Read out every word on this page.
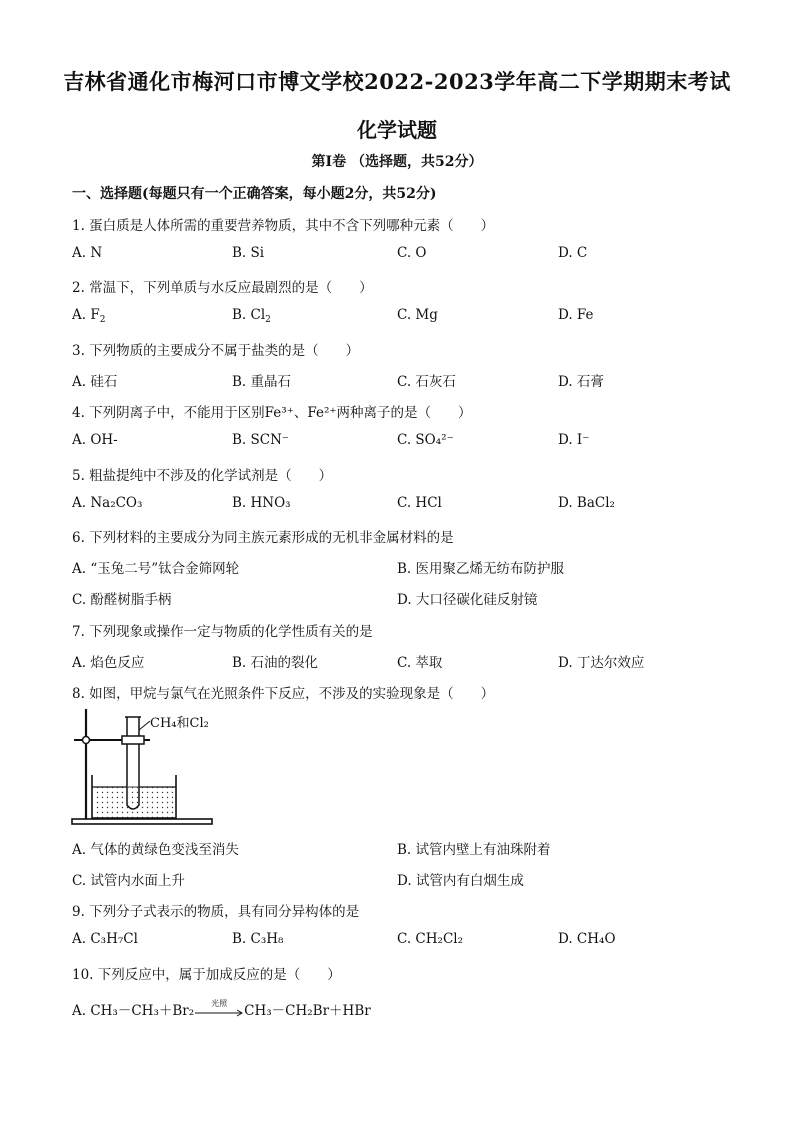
吉林省通化市梅河口市博文学校2022-2023学年高二下学期期末考试
化学试题
第Ⅰ卷 （选择题，共52分）
一、选择题(每题只有一个正确答案，每小题2分，共52分)
1. 蛋白质是人体所需的重要营养物质，其中不含下列哪种元素（　　）
A. N	B. Si	C. O	D. C
2. 常温下，下列单质与水反应最剧烈的是（　　）
A. $F_2$	B. $Cl_2$	C. Mg	D. Fe
3. 下列物质的主要成分不属于盐类的是（　　）
A. 硅石	B. 重晶石	C. 石灰石	D. 石膏
4. 下列阴离子中，不能用于区别Fe³⁺、Fe²⁺两种离子的是（　　）
A. OH-	B. SCN⁻	C. SO₄²⁻	D. I⁻
5. 粗盐提纯中不涉及的化学试剂是（　　）
A. Na₂CO₃	B. HNO₃	C. HCl	D. BaCl₂
6. 下列材料的主要成分为同主族元素形成的无机非金属材料的是
A. “玉兔二号”钛合金筛网轮	B. 医用聚乙烯无纺布防护服
C. 酚醛树脂手柄	D. 大口径碳化硅反射镜
7. 下列现象或操作一定与物质的化学性质有关的是
A. 焰色反应	B. 石油的裂化	C. 萃取	D. 丁达尔效应
8. 如图，甲烷与氯气在光照条件下反应，不涉及的实验现象是（　　）
CH₄和Cl₂
A. 气体的黄绿色变浅至消失	B. 试管内壁上有油珠附着
C. 试管内水面上升	D. 试管内有白烟生成
9. 下列分子式表示的物质，具有同分异构体的是
A. C₃H₇Cl	B. C₃H₈	C. CH₂Cl₂	D. CH₄O
10. 下列反应中，属于加成反应的是（　　）
A. CH₃－CH₃＋Br₂	光照	CH₃－CH₂Br＋HBr
